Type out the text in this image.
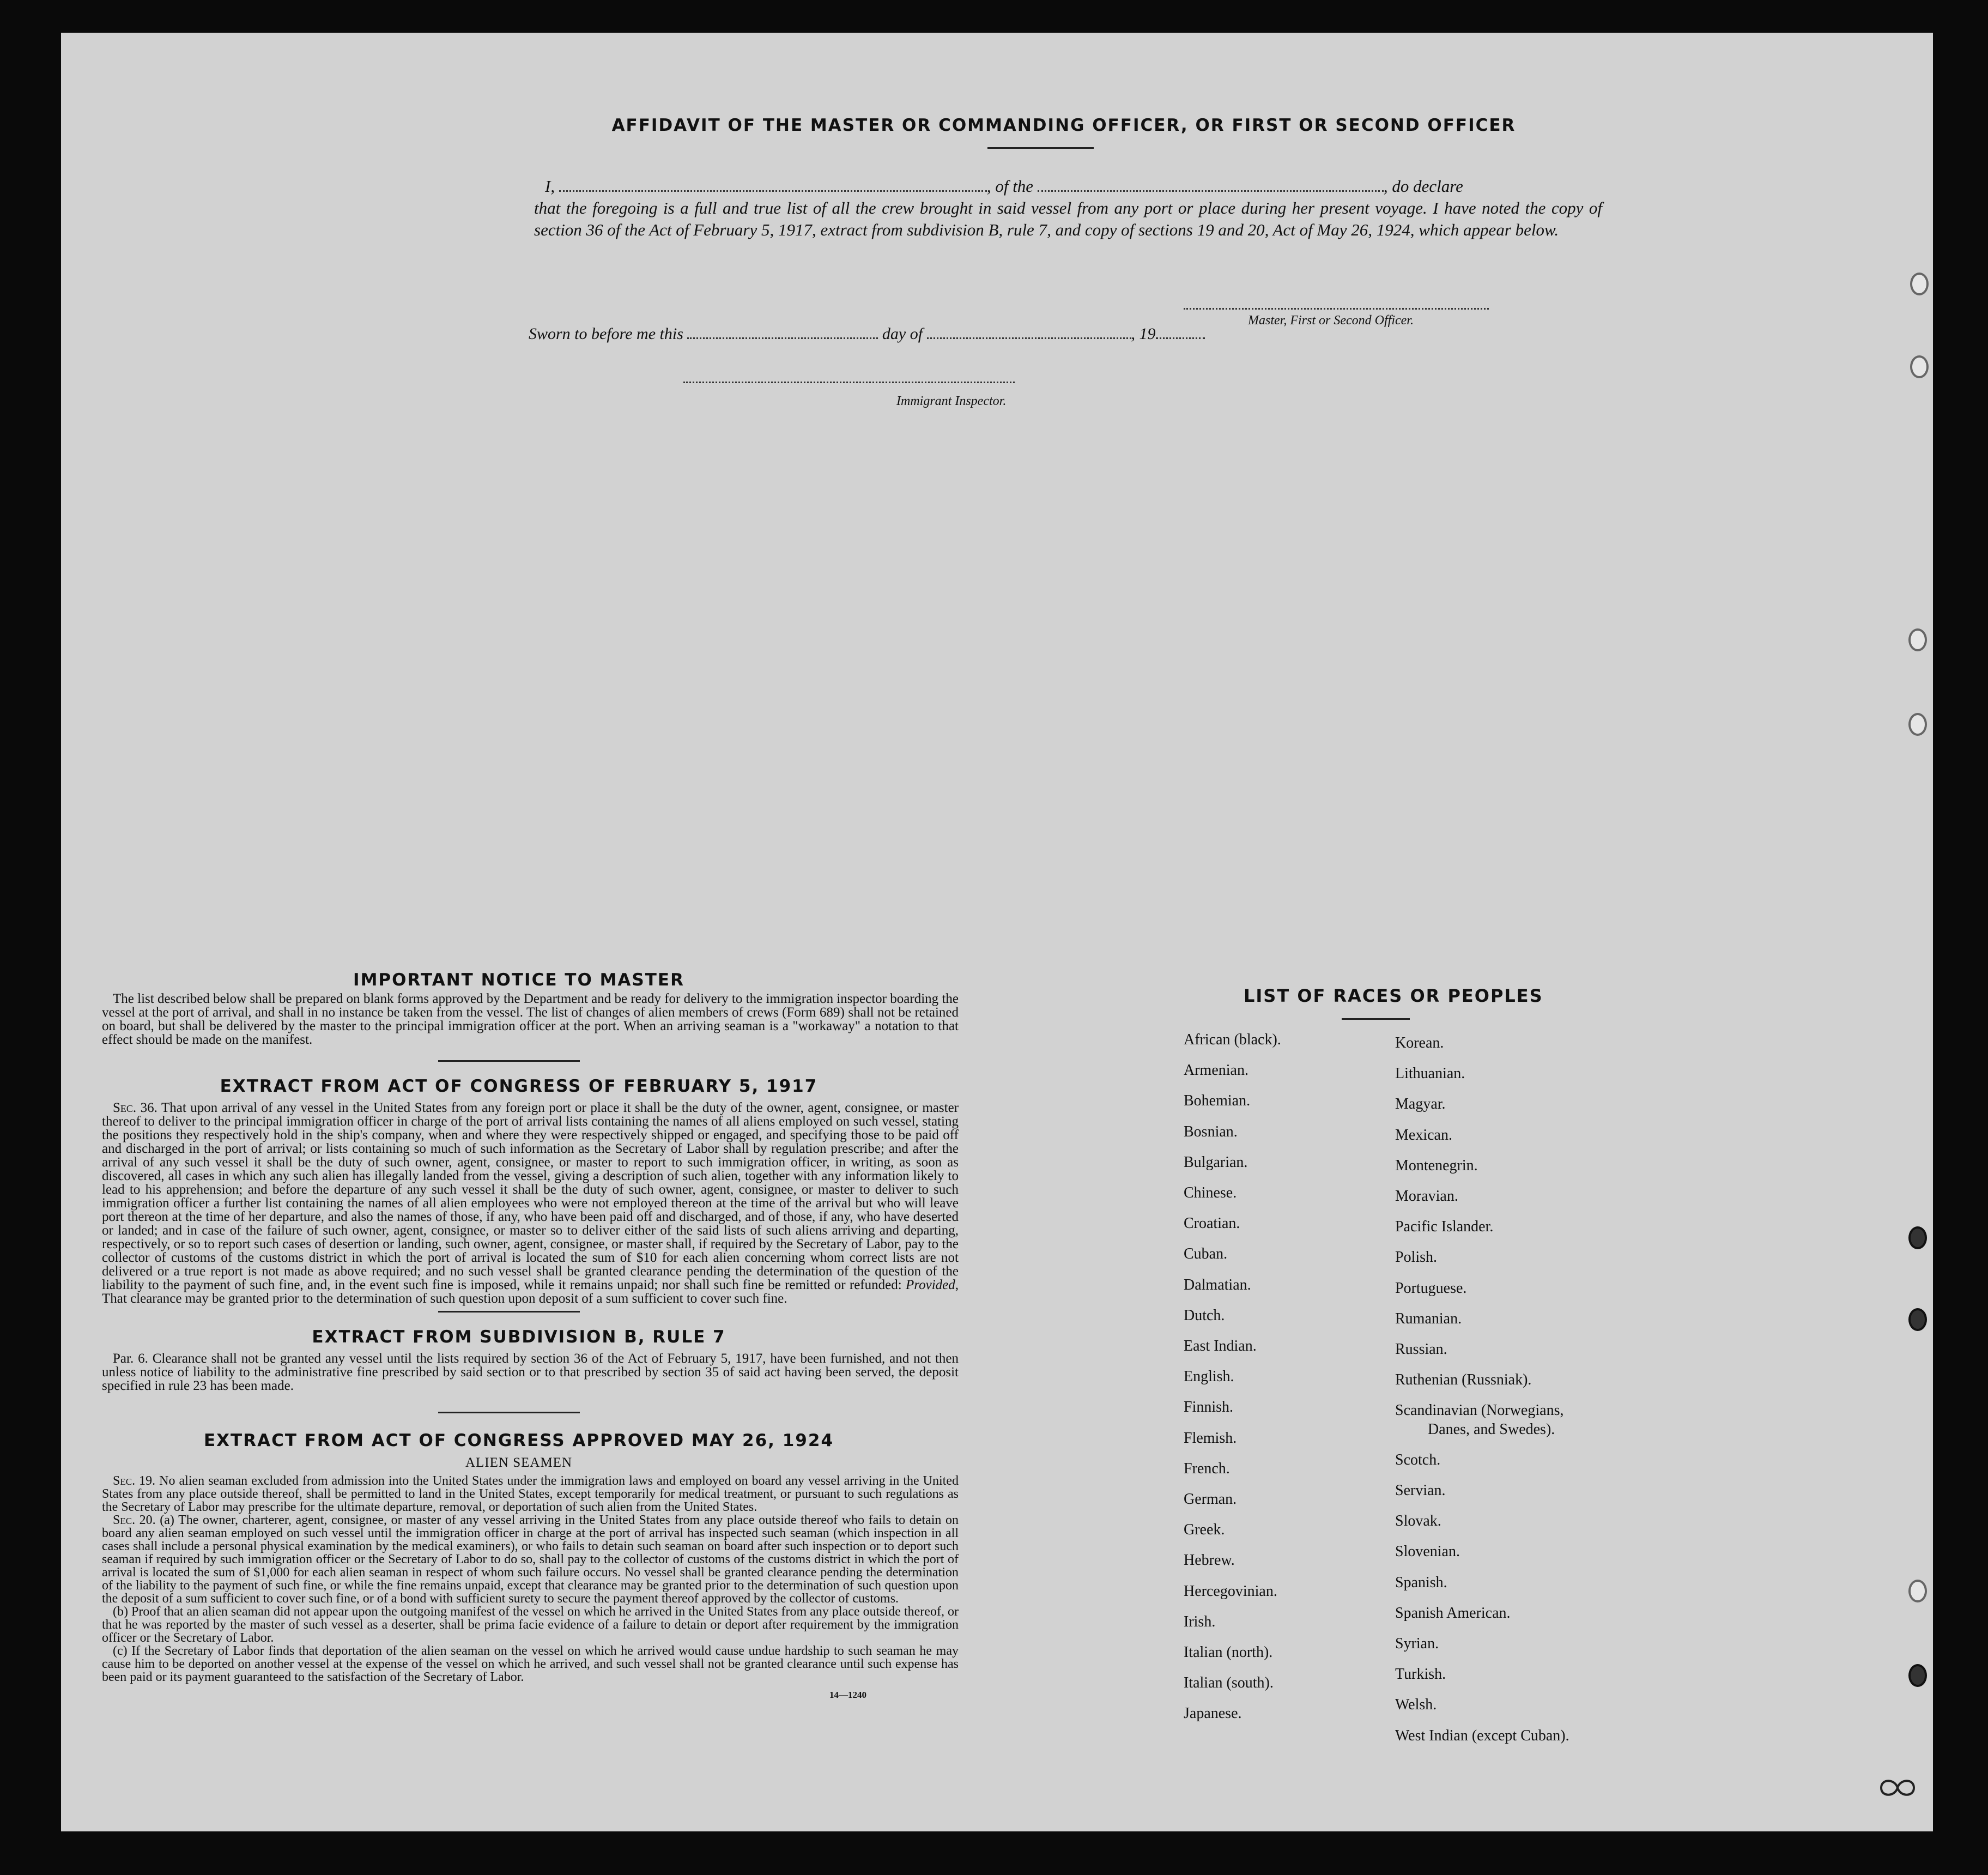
AFFIDAVIT OF THE MASTER OR COMMANDING OFFICER, OR FIRST OR SECOND OFFICER
I,	, of the	, do declare
that the foregoing is a full and true list of all the crew brought in said vessel from any port or place during her present voyage. I have noted the copy of section 36 of the Act of February 5, 1917, extract from subdivision B, rule 7, and copy of sections 19 and 20, Act of May 26, 1924, which appear below.
Master, First or Second Officer.
Sworn to before me this	day of	, 19
Immigrant Inspector.
IMPORTANT NOTICE TO MASTER
The list described below shall be prepared on blank forms approved by the Department and be ready for delivery to the immigration inspector boarding the vessel at the port of arrival, and shall in no instance be taken from the vessel. The list of changes of alien members of crews (Form 689) shall not be retained on board, but shall be delivered by the master to the principal immigration officer at the port. When an arriving seaman is a "workaway" a notation to that effect should be made on the manifest.
EXTRACT FROM ACT OF CONGRESS OF FEBRUARY 5, 1917
Sec. 36. That upon arrival of any vessel in the United States from any foreign port or place it shall be the duty of the owner, agent, consignee, or master thereof to deliver to the principal immigration officer in charge of the port of arrival lists containing the names of all aliens employed on such vessel, stating the positions they respectively hold in the ship's company, when and where they were respectively shipped or engaged, and specifying those to be paid off and discharged in the port of arrival; or lists containing so much of such information as the Secretary of Labor shall by regulation prescribe; and after the arrival of any such vessel it shall be the duty of such owner, agent, consignee, or master to report to such immigration officer, in writing, as soon as discovered, all cases in which any such alien has illegally landed from the vessel, giving a description of such alien, together with any information likely to lead to his apprehension; and before the departure of any such vessel it shall be the duty of such owner, agent, consignee, or master to deliver to such immigration officer a further list containing the names of all alien employees who were not employed thereon at the time of the arrival but who will leave port thereon at the time of her departure, and also the names of those, if any, who have been paid off and discharged, and of those, if any, who have deserted or landed; and in case of the failure of such owner, agent, consignee, or master so to deliver either of the said lists of such aliens arriving and departing, respectively, or so to report such cases of desertion or landing, such owner, agent, consignee, or master shall, if required by the Secretary of Labor, pay to the collector of customs of the customs district in which the port of arrival is located the sum of $10 for each alien concerning whom correct lists are not delivered or a true report is not made as above required; and no such vessel shall be granted clearance pending the determination of the question of the liability to the payment of such fine, and, in the event such fine is imposed, while it remains unpaid; nor shall such fine be remitted or refunded: Provided, That clearance may be granted prior to the determination of such question upon deposit of a sum sufficient to cover such fine.
EXTRACT FROM SUBDIVISION B, RULE 7
Par. 6. Clearance shall not be granted any vessel until the lists required by section 36 of the Act of February 5, 1917, have been furnished, and not then unless notice of liability to the administrative fine prescribed by said section or to that prescribed by section 35 of said act having been served, the deposit specified in rule 23 has been made.
EXTRACT FROM ACT OF CONGRESS APPROVED MAY 26, 1924
ALIEN SEAMEN
Sec. 19. No alien seaman excluded from admission into the United States under the immigration laws and employed on board any vessel arriving in the United States from any place outside thereof, shall be permitted to land in the United States, except temporarily for medical treatment, or pursuant to such regulations as the Secretary of Labor may prescribe for the ultimate departure, removal, or deportation of such alien from the United States.
Sec. 20. (a) The owner, charterer, agent, consignee, or master of any vessel arriving in the United States from any place outside thereof who fails to detain on board any alien seaman employed on such vessel until the immigration officer in charge at the port of arrival has inspected such seaman (which inspection in all cases shall include a personal physical examination by the medical examiners), or who fails to detain such seaman on board after such inspection or to deport such seaman if required by such immigration officer or the Secretary of Labor to do so, shall pay to the collector of customs of the customs district in which the port of arrival is located the sum of $1,000 for each alien seaman in respect of whom such failure occurs. No vessel shall be granted clearance pending the determination of the liability to the payment of such fine, or while the fine remains unpaid, except that clearance may be granted prior to the determination of such question upon the deposit of a sum sufficient to cover such fine, or of a bond with sufficient surety to secure the payment thereof approved by the collector of customs.
(b) Proof that an alien seaman did not appear upon the outgoing manifest of the vessel on which he arrived in the United States from any place outside thereof, or that he was reported by the master of such vessel as a deserter, shall be prima facie evidence of a failure to detain or deport after requirement by the immigration officer or the Secretary of Labor.
(c) If the Secretary of Labor finds that deportation of the alien seaman on the vessel on which he arrived would cause undue hardship to such seaman he may cause him to be deported on another vessel at the expense of the vessel on which he arrived, and such vessel shall not be granted clearance until such expense has been paid or its payment guaranteed to the satisfaction of the Secretary of Labor.
14—1240
LIST OF RACES OR PEOPLES
African (black).
Armenian.
Bohemian.
Bosnian.
Bulgarian.
Chinese.
Croatian.
Cuban.
Dalmatian.
Dutch.
East Indian.
English.
Finnish.
Flemish.
French.
German.
Greek.
Hebrew.
Hercegovinian.
Irish.
Italian (north).
Italian (south).
Japanese.
Korean.
Lithuanian.
Magyar.
Mexican.
Montenegrin.
Moravian.
Pacific Islander.
Polish.
Portuguese.
Rumanian.
Russian.
Ruthenian (Russniak).
Scandinavian (Norwegians,
Danes, and Swedes).
Scotch.
Servian.
Slovak.
Slovenian.
Spanish.
Spanish American.
Syrian.
Turkish.
Welsh.
West Indian (except Cuban).
